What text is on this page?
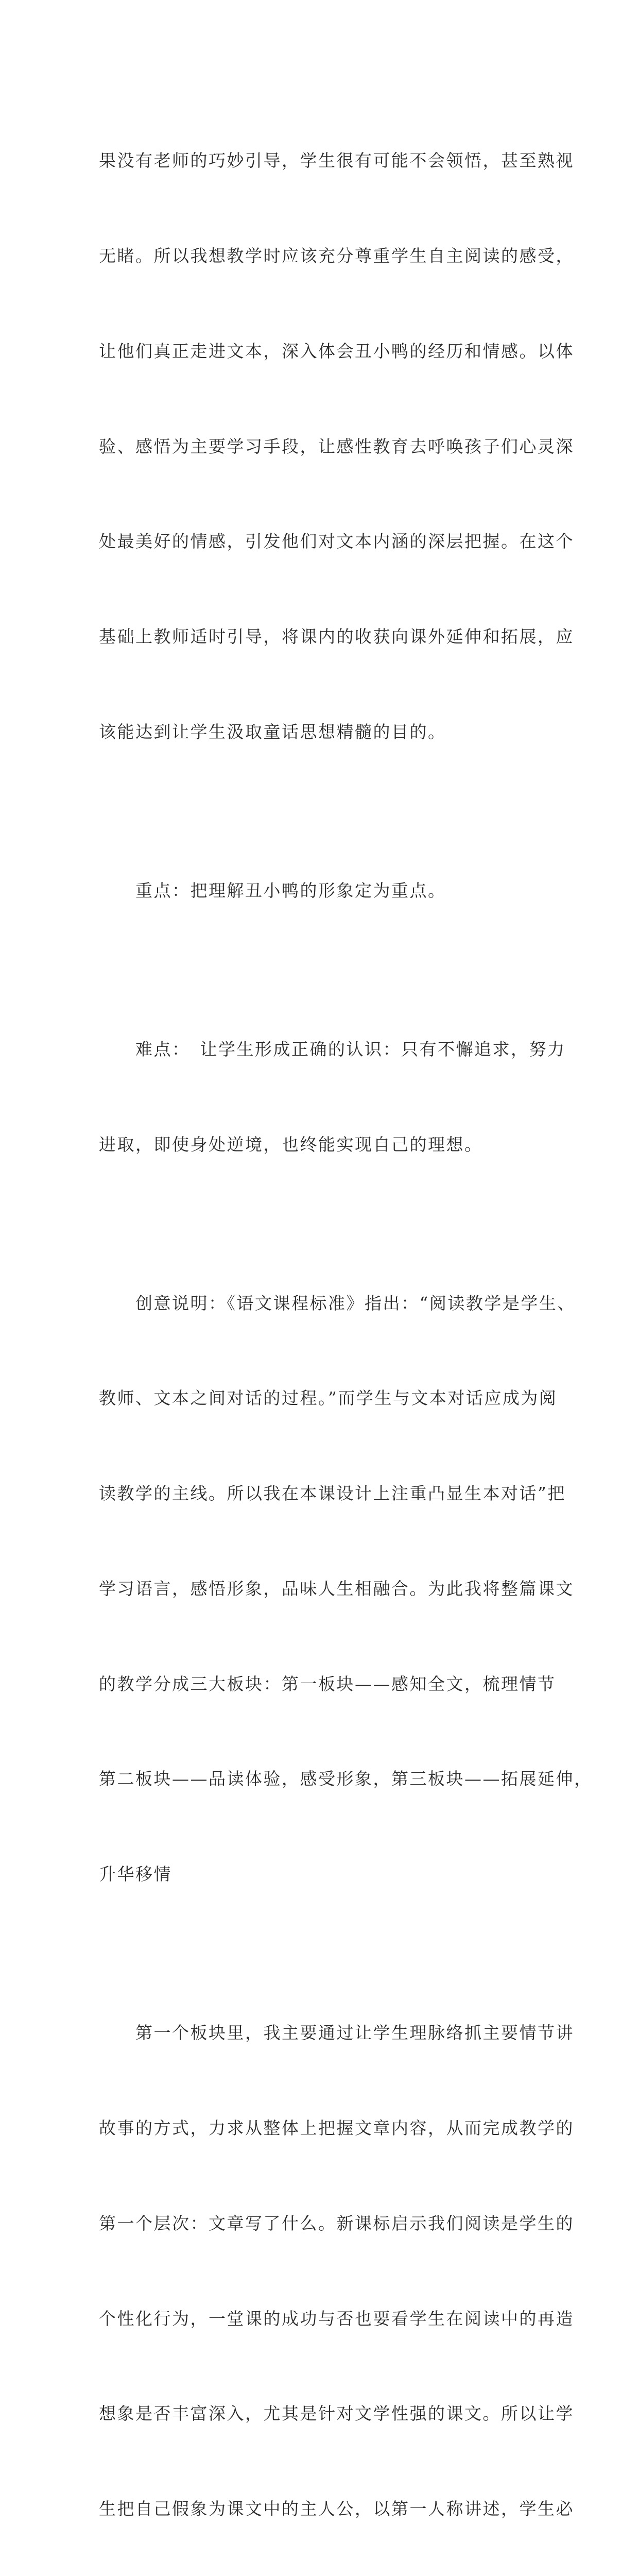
果没有老师的巧妙引导，学生很有可能不会领悟，甚至熟视

无睹。所以我想教学时应该充分尊重学生自主阅读的感受，

让他们真正走进文本，深入体会丑小鸭的经历和情感。以体

验、感悟为主要学习手段，让感性教育去呼唤孩子们心灵深

处最美好的情感，引发他们对文本内涵的深层把握。在这个

基础上教师适时引导，将课内的收获向课外延伸和拓展，应

该能达到让学生汲取童话思想精髓的目的。

　　重点：把理解丑小鸭的形象定为重点。

　　难点：　让学生形成正确的认识：只有不懈追求，努力

进取，即使身处逆境，也终能实现自己的理想。

　　创意说明：《语文课程标准》指出：“阅读教学是学生、

教师、文本之间对话的过程。”而学生与文本对话应成为阅

读教学的主线。所以我在本课设计上注重凸显生本对话”把

学习语言，感悟形象，品味人生相融合。为此我将整篇课文

的教学分成三大板块：第一板块——感知全文，梳理情节

第二板块——品读体验，感受形象，第三板块——拓展延伸，

升华移情

　　第一个板块里，我主要通过让学生理脉络抓主要情节讲

故事的方式，力求从整体上把握文章内容，从而完成教学的

第一个层次：文章写了什么。新课标启示我们阅读是学生的

个性化行为，一堂课的成功与否也要看学生在阅读中的再造

想象是否丰富深入，尤其是针对文学性强的课文。所以让学

生把自己假象为课文中的主人公，以第一人称讲述，学生必
